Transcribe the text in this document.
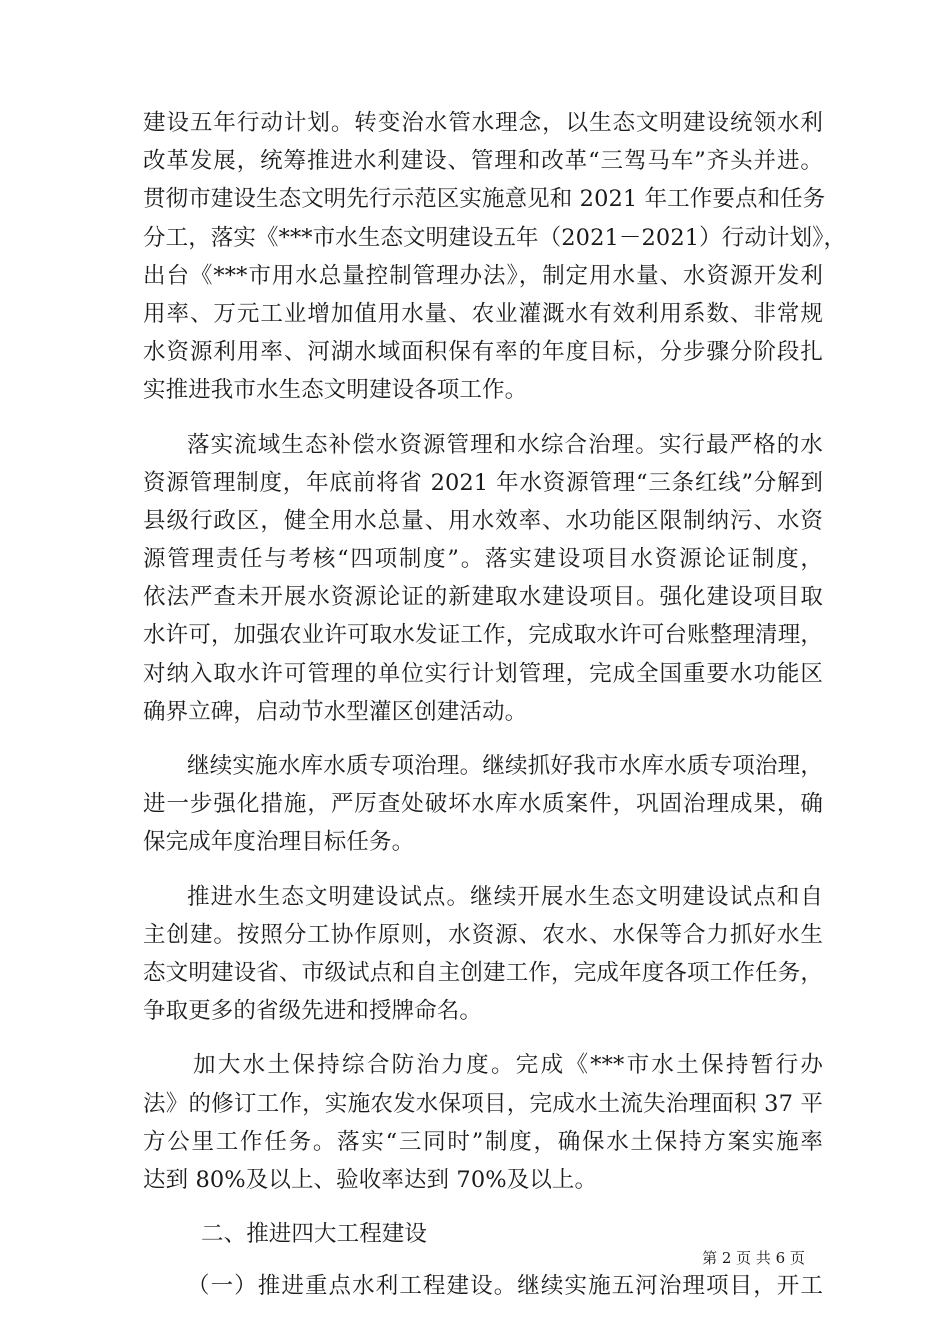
建设五年行动计划。转变治水管水理念，以生态文明建设统领水利
改革发展，统筹推进水利建设、管理和改革“三驾马车”齐头并进。
贯彻市建设生态文明先行示范区实施意见和 2021 年工作要点和任务
分工，落实《***市水生态文明建设五年（2021－2021）行动计划》，
出台《***市用水总量控制管理办法》，制定用水量、水资源开发利
用率、万元工业增加值用水量、农业灌溉水有效利用系数、非常规
水资源利用率、河湖水域面积保有率的年度目标，分步骤分阶段扎
实推进我市水生态文明建设各项工作。
落实流域生态补偿水资源管理和水综合治理。实行最严格的水
资源管理制度，年底前将省 2021 年水资源管理“三条红线”分解到
县级行政区，健全用水总量、用水效率、水功能区限制纳污、水资
源管理责任与考核“四项制度”。落实建设项目水资源论证制度，
依法严查未开展水资源论证的新建取水建设项目。强化建设项目取
水许可，加强农业许可取水发证工作，完成取水许可台账整理清理，
对纳入取水许可管理的单位实行计划管理，完成全国重要水功能区
确界立碑，启动节水型灌区创建活动。
继续实施水库水质专项治理。继续抓好我市水库水质专项治理，
进一步强化措施，严厉查处破坏水库水质案件，巩固治理成果，确
保完成年度治理目标任务。
推进水生态文明建设试点。继续开展水生态文明建设试点和自
主创建。按照分工协作原则，水资源、农水、水保等合力抓好水生
态文明建设省、市级试点和自主创建工作，完成年度各项工作任务，
争取更多的省级先进和授牌命名。
加大水土保持综合防治力度。完成《***市水土保持暂行办
法》的修订工作，实施农发水保项目，完成水土流失治理面积 37 平
方公里工作任务。落实“三同时”制度，确保水土保持方案实施率
达到 80%及以上、验收率达到 70%及以上。
二、推进四大工程建设
（一）推进重点水利工程建设。继续实施五河治理项目，开工
第 2 页 共 6 页
